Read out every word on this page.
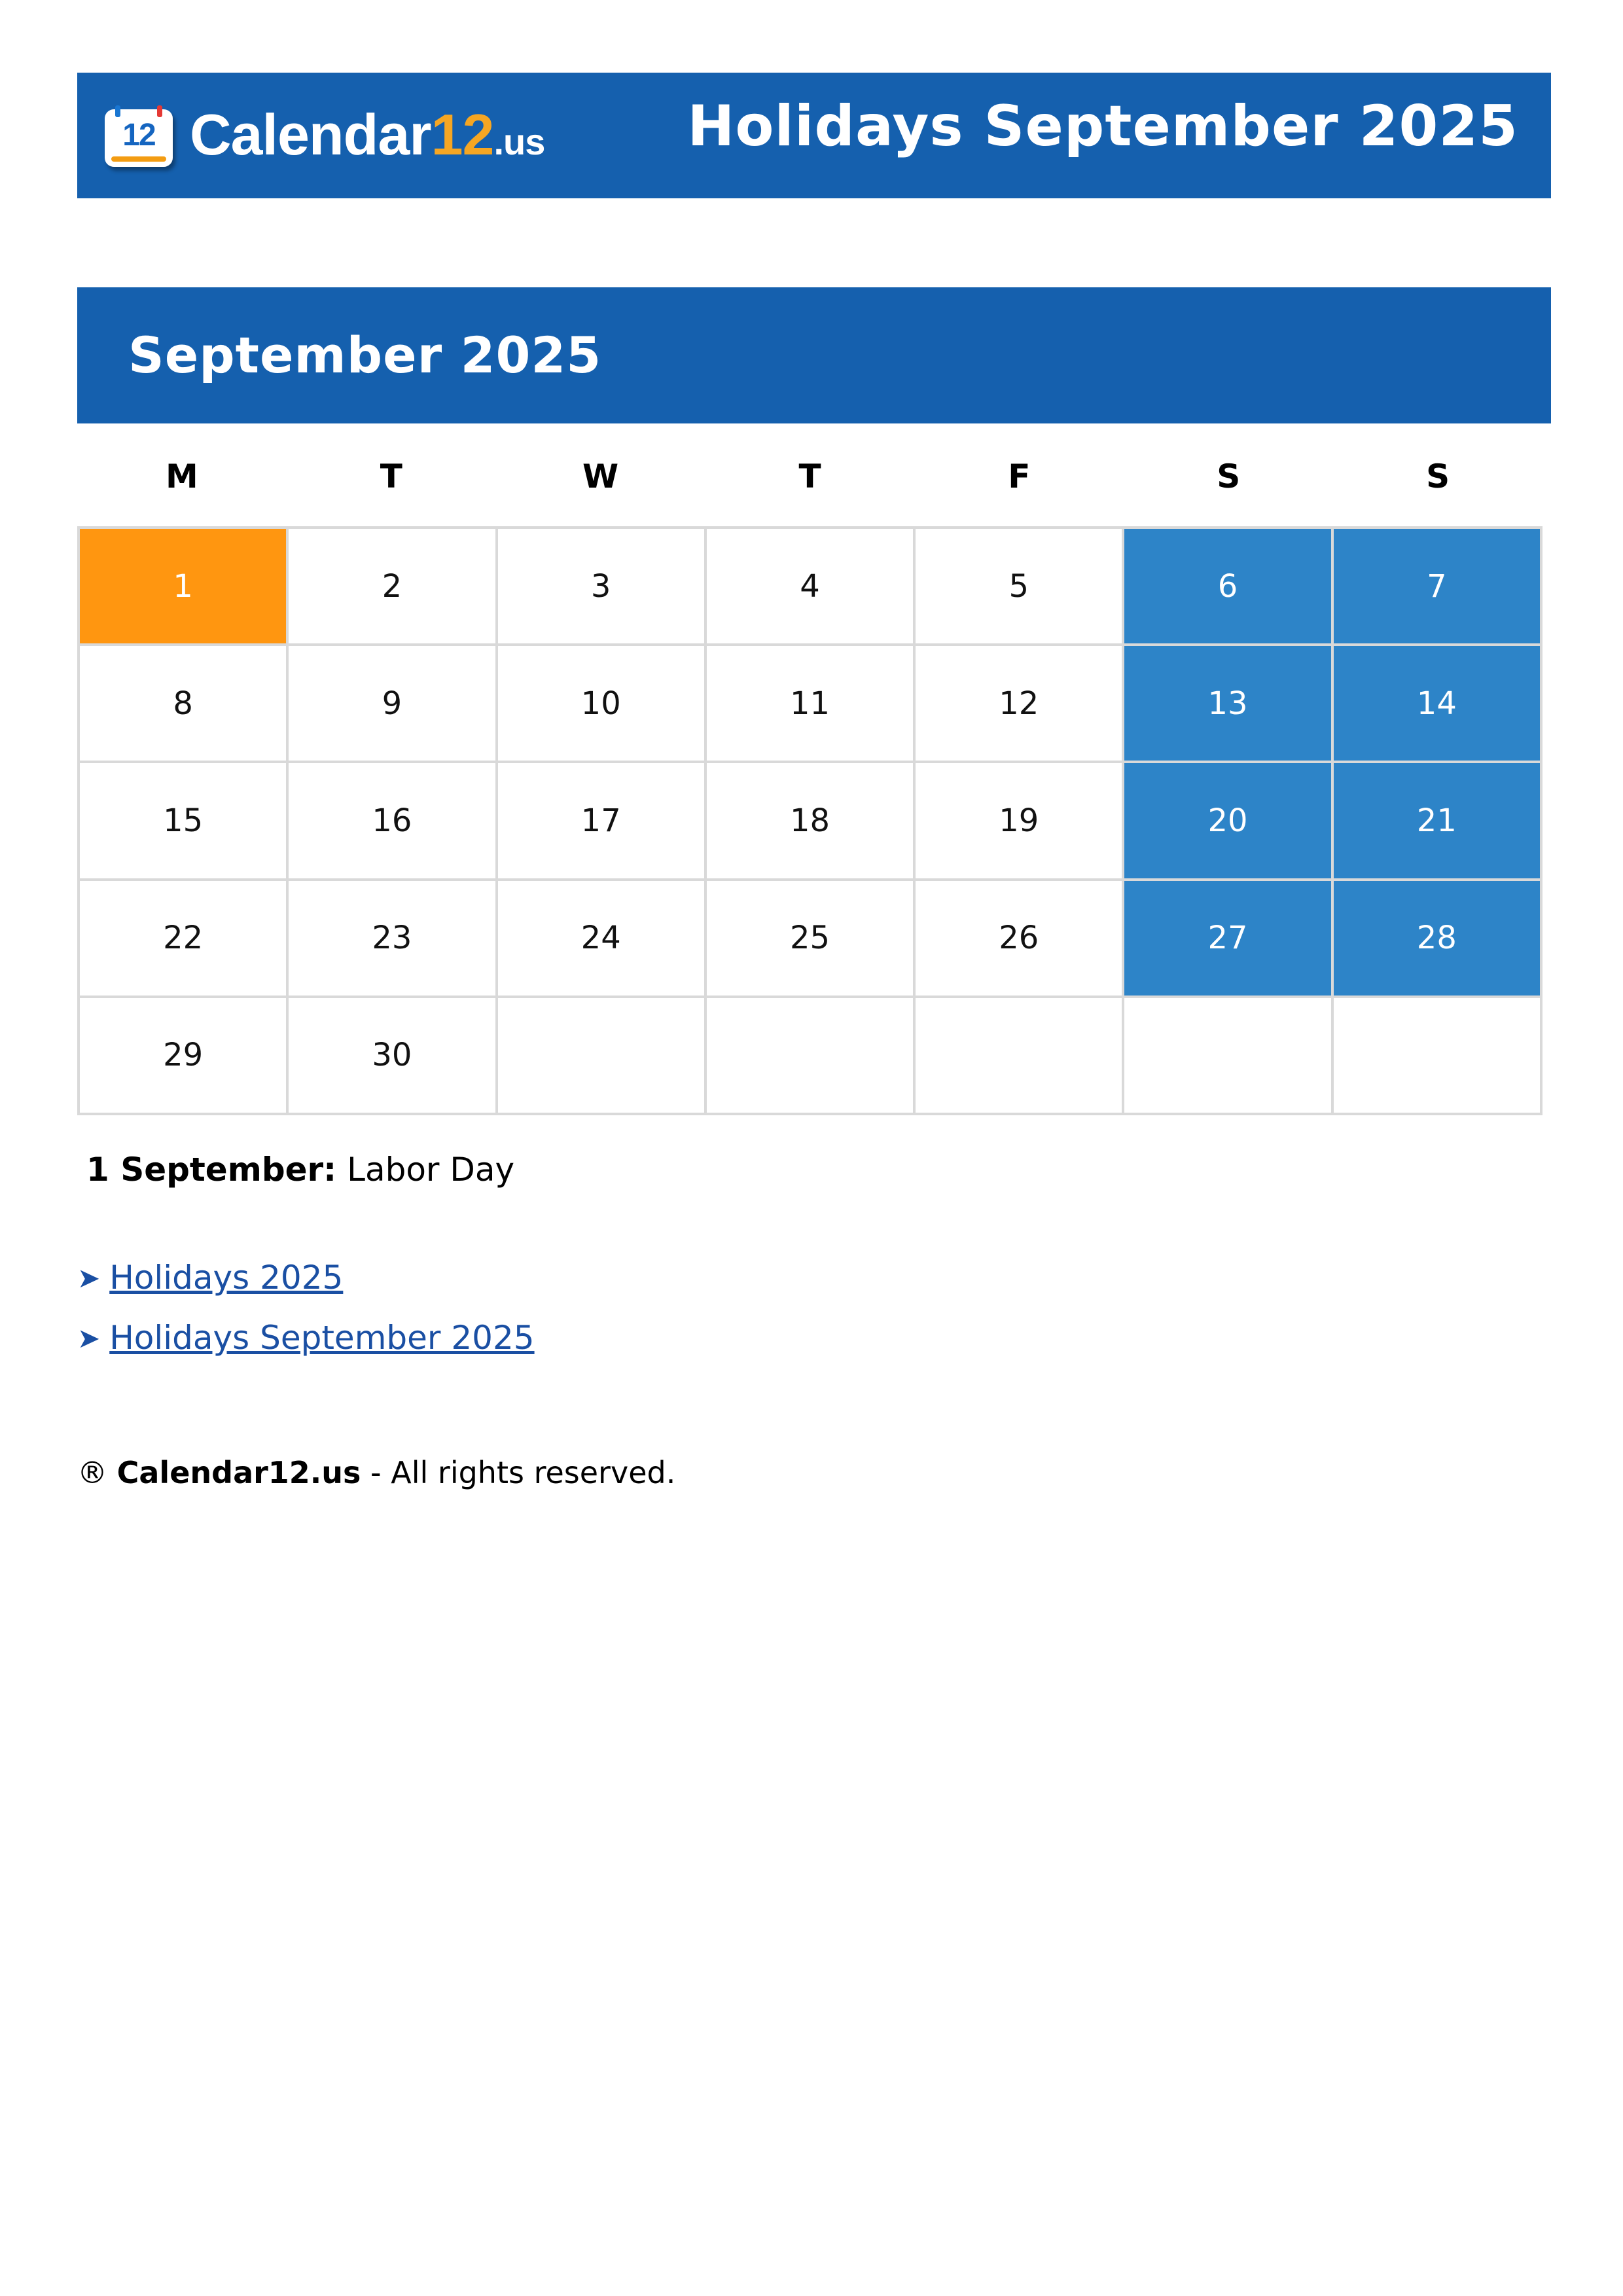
12 Calendar12.us	Holidays September 2025
September 2025
M	T	W	T	F	S	S
1	2	3	4	5	6	7
8	9	10	11	12	13	14
15	16	17	18	19	20	21
22	23	24	25	26	27	28
29	30
1 September: Labor Day
➤ Holidays 2025
➤ Holidays September 2025
® Calendar12.us - All rights reserved.
